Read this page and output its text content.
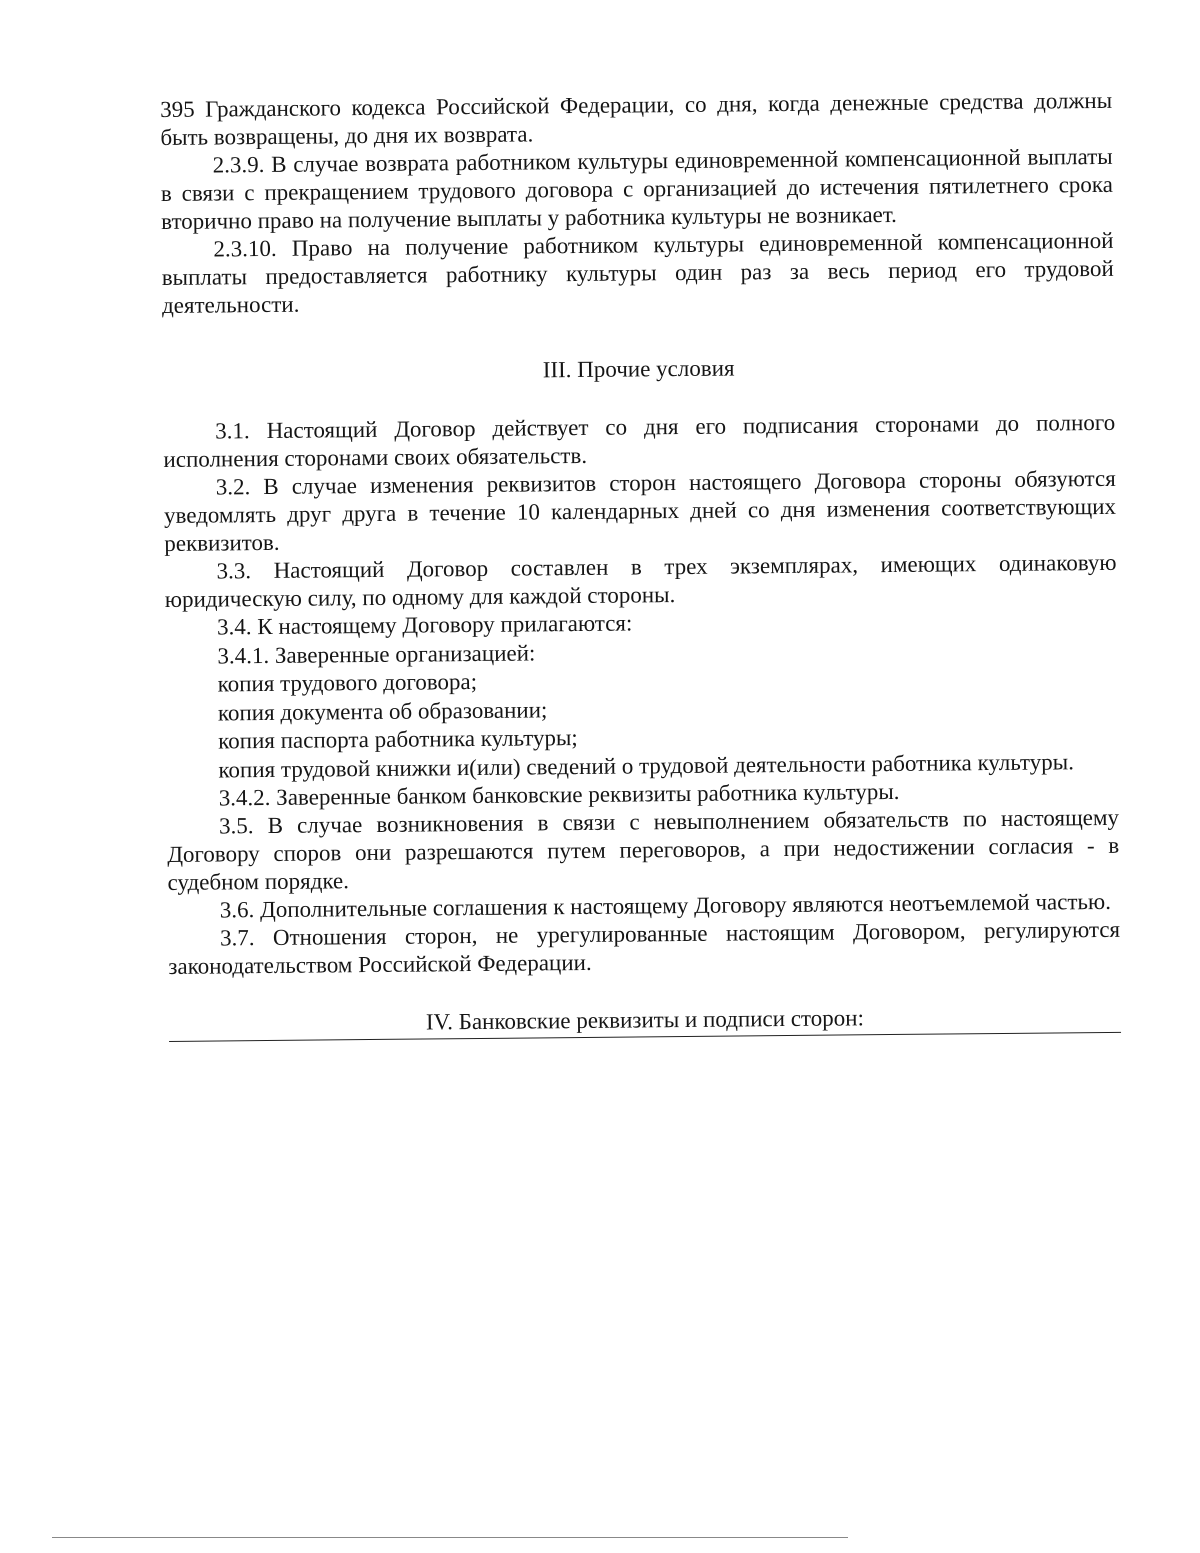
395 Гражданского кодекса Российской Федерации, со дня, когда денежные средства должны быть возвращены, до дня их возврата.

2.3.9. В случае возврата работником культуры единовременной компенсационной выплаты в связи с прекращением трудового договора с организацией до истечения пятилетнего срока вторично право на получение выплаты у работника культуры не возникает.

2.3.10. Право на получение работником культуры единовременной компенсационной выплаты предоставляется работнику культуры один раз за весь период его трудовой деятельности.

III. Прочие условия

3.1. Настоящий Договор действует со дня его подписания сторонами до полного исполнения сторонами своих обязательств.

3.2. В случае изменения реквизитов сторон настоящего Договора стороны обязуются уведомлять друг друга в течение 10 календарных дней со дня изменения соответствующих реквизитов.

3.3. Настоящий Договор составлен в трех экземплярах, имеющих одинаковую юридическую силу, по одному для каждой стороны.

3.4. К настоящему Договору прилагаются:

3.4.1. Заверенные организацией:

копия трудового договора;

копия документа об образовании;

копия паспорта работника культуры;

копия трудовой книжки и(или) сведений о трудовой деятельности работника культуры.

3.4.2. Заверенные банком банковские реквизиты работника культуры.

3.5. В случае возникновения в связи с невыполнением обязательств по настоящему Договору споров они разрешаются путем переговоров, а при недостижении согласия - в судебном порядке.

3.6. Дополнительные соглашения к настоящему Договору являются неотъемлемой частью.

3.7. Отношения сторон, не урегулированные настоящим Договором, регулируются законодательством Российской Федерации.

IV. Банковские реквизиты и подписи сторон:
